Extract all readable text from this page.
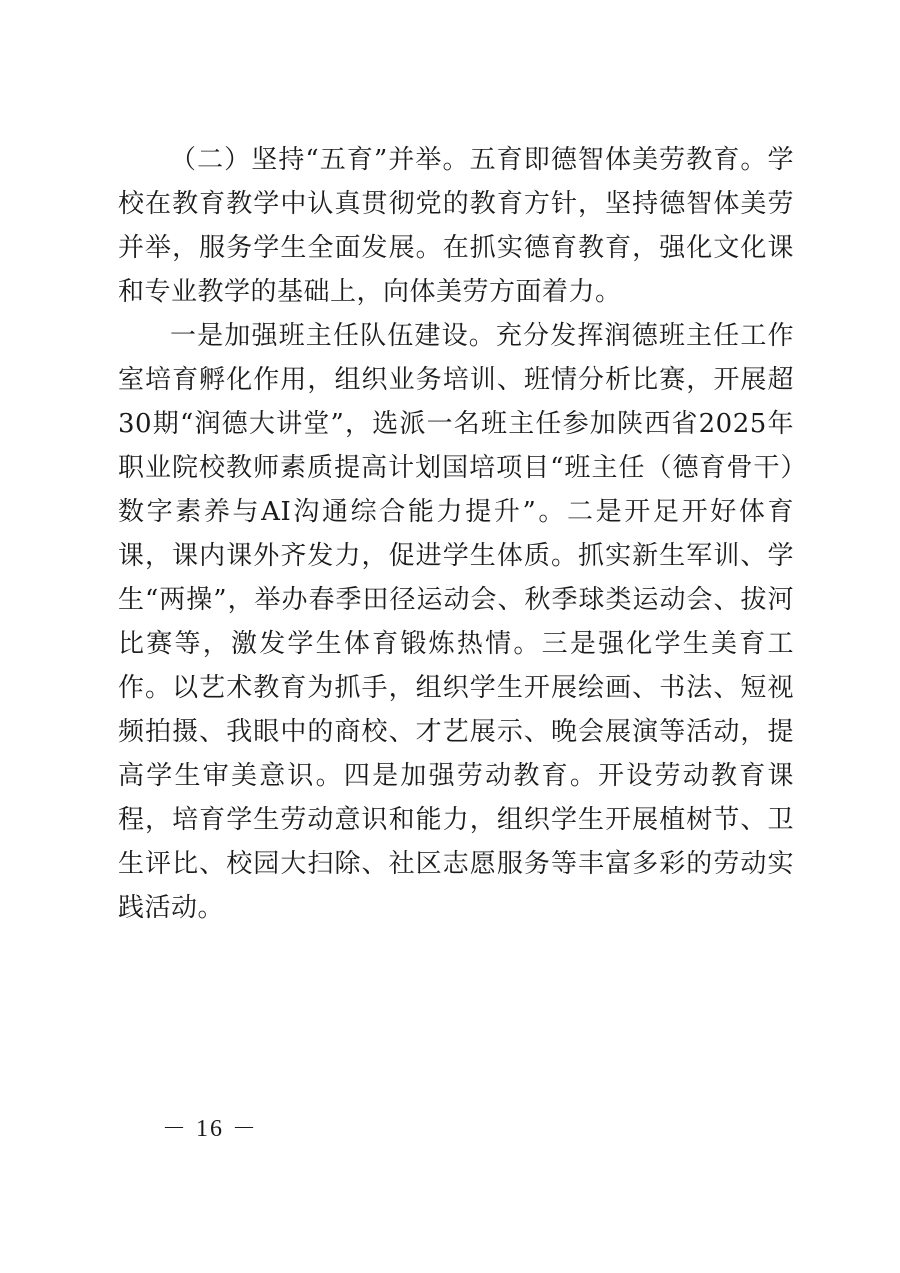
（二）坚持“五育”并举。五育即德智体美劳教育。学校在教育教学中认真贯彻党的教育方针，坚持德智体美劳并举，服务学生全面发展。在抓实德育教育，强化文化课和专业教学的基础上，向体美劳方面着力。

一是加强班主任队伍建设。充分发挥润德班主任工作室培育孵化作用，组织业务培训、班情分析比赛，开展超30期“润德大讲堂”，选派一名班主任参加陕西省2025年职业院校教师素质提高计划国培项目“班主任（德育骨干）数字素养与AI沟通综合能力提升”。二是开足开好体育课，课内课外齐发力，促进学生体质。抓实新生军训、学生“两操”，举办春季田径运动会、秋季球类运动会、拔河比赛等，激发学生体育锻炼热情。三是强化学生美育工作。以艺术教育为抓手，组织学生开展绘画、书法、短视频拍摄、我眼中的商校、才艺展示、晚会展演等活动，提高学生审美意识。四是加强劳动教育。开设劳动教育课程，培育学生劳动意识和能力，组织学生开展植树节、卫生评比、校园大扫除、社区志愿服务等丰富多彩的劳动实践活动。

－ 16 －
